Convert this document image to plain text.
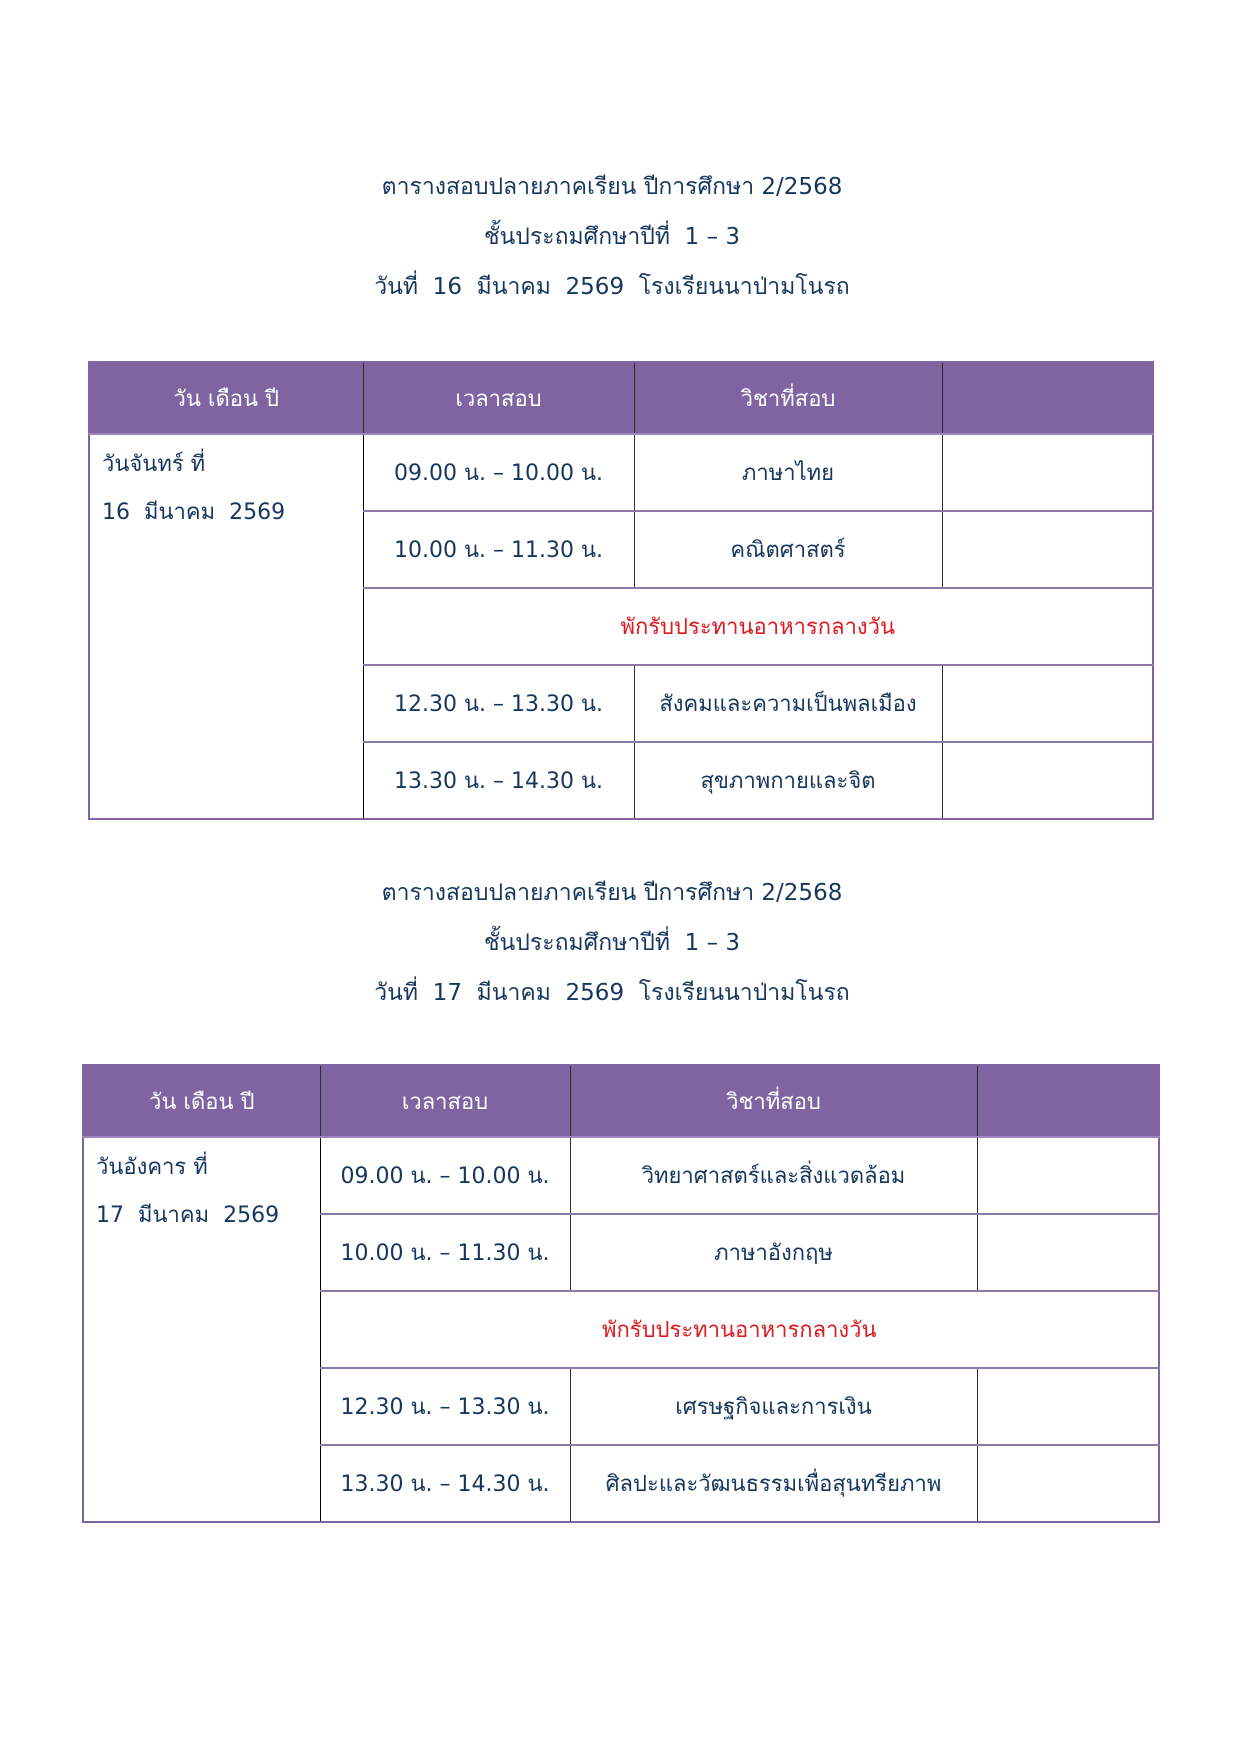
ตารางสอบปลายภาคเรียน ปีการศึกษา 2/2568
ชั้นประถมศึกษาปีที่  1 – 3
วันที่  16  มีนาคม  2569  โรงเรียนนาป่ามโนรถ
วัน เดือน ปี	เวลาสอบ	วิชาที่สอบ	

วันจันทร์ ที่
16  มีนาคม  2569	09.00 น. – 10.00 น.	ภาษาไทย	
	10.00 น. – 11.30 น.	คณิตศาสตร์	
	พักรับประทานอาหารกลางวัน		
	12.30 น. – 13.30 น.	สังคมและความเป็นพลเมือง	
	13.30 น. – 14.30 น.	สุขภาพกายและจิต	
ตารางสอบปลายภาคเรียน ปีการศึกษา 2/2568
ชั้นประถมศึกษาปีที่  1 – 3
วันที่  17  มีนาคม  2569  โรงเรียนนาป่ามโนรถ
วัน เดือน ปี	เวลาสอบ	วิชาที่สอบ	

วันอังคาร ที่
17  มีนาคม  2569	09.00 น. – 10.00 น.	วิทยาศาสตร์และสิ่งแวดล้อม	
	10.00 น. – 11.30 น.	ภาษาอังกฤษ	
	พักรับประทานอาหารกลางวัน		
	12.30 น. – 13.30 น.	เศรษฐกิจและการเงิน	
	13.30 น. – 14.30 น.	ศิลปะและวัฒนธรรมเพื่อสุนทรียภาพ	
